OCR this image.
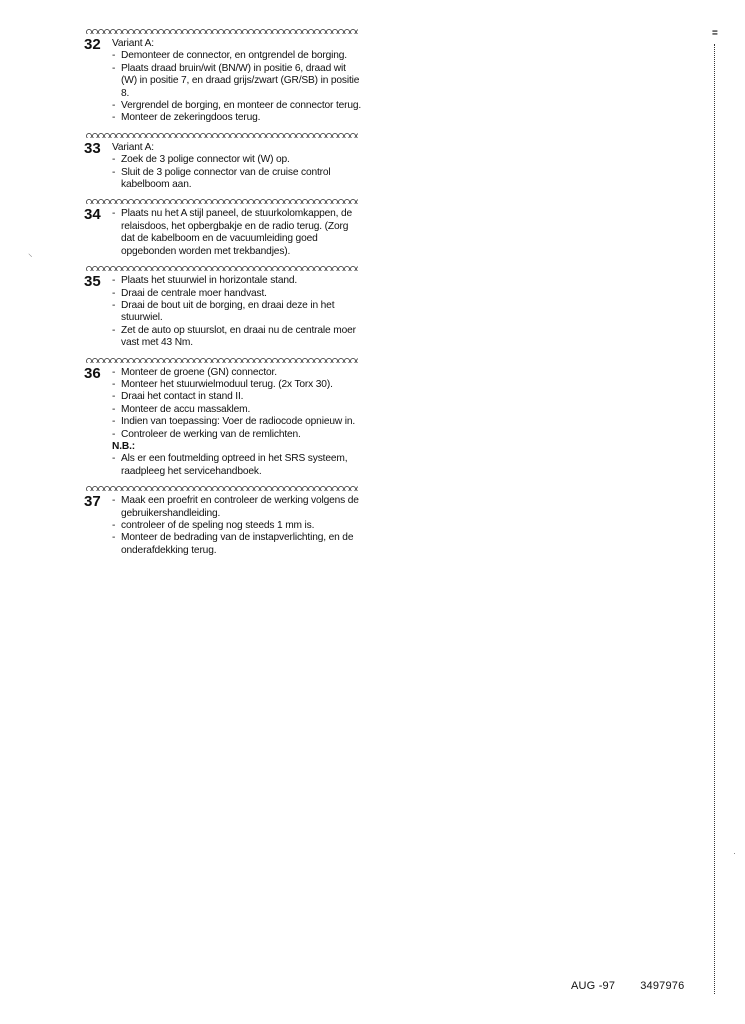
=
⸌
·
32	Variant A:
- Demonteer de connector, en ontgrendel de borging.
- Plaats draad bruin/wit (BN/W) in positie 6, draad wit (W) in positie 7, en draad grijs/zwart (GR/SB) in positie 8.
- Vergrendel de borging, en monteer de connector terug.
- Monteer de zekeringdoos terug.
33	Variant A:
- Zoek de 3 polige connector wit (W) op.
- Sluit de 3 polige connector van de cruise control kabelboom aan.
34	- Plaats nu het A stijl paneel, de stuurkolomkappen, de relaisdoos, het opbergbakje en de radio terug. (Zorg dat de kabelboom en de vacuumleiding goed opgebonden worden met trekbandjes).
35	- Plaats het stuurwiel in horizontale stand.
- Draai de centrale moer handvast.
- Draai de bout uit de borging, en draai deze in het stuurwiel.
- Zet de auto op stuurslot, en draai nu de centrale moer vast met 43 Nm.
36	- Monteer de groene (GN) connector.
- Monteer het stuurwielmoduul terug. (2x Torx 30).
- Draai het contact in stand II.
- Monteer de accu massaklem.
- Indien van toepassing: Voer de radiocode opnieuw in.
- Controleer de werking van de remlichten.
N.B.:
- Als er een foutmelding optreed in het SRS systeem, raadpleeg het servicehandboek.
37	- Maak een proefrit en controleer de werking volgens de gebruikershandleiding.
- controleer of de speling nog steeds 1 mm is.
- Monteer de bedrading van de instapverlichting, en de onderafdekking terug.
AUG -97 3497976
